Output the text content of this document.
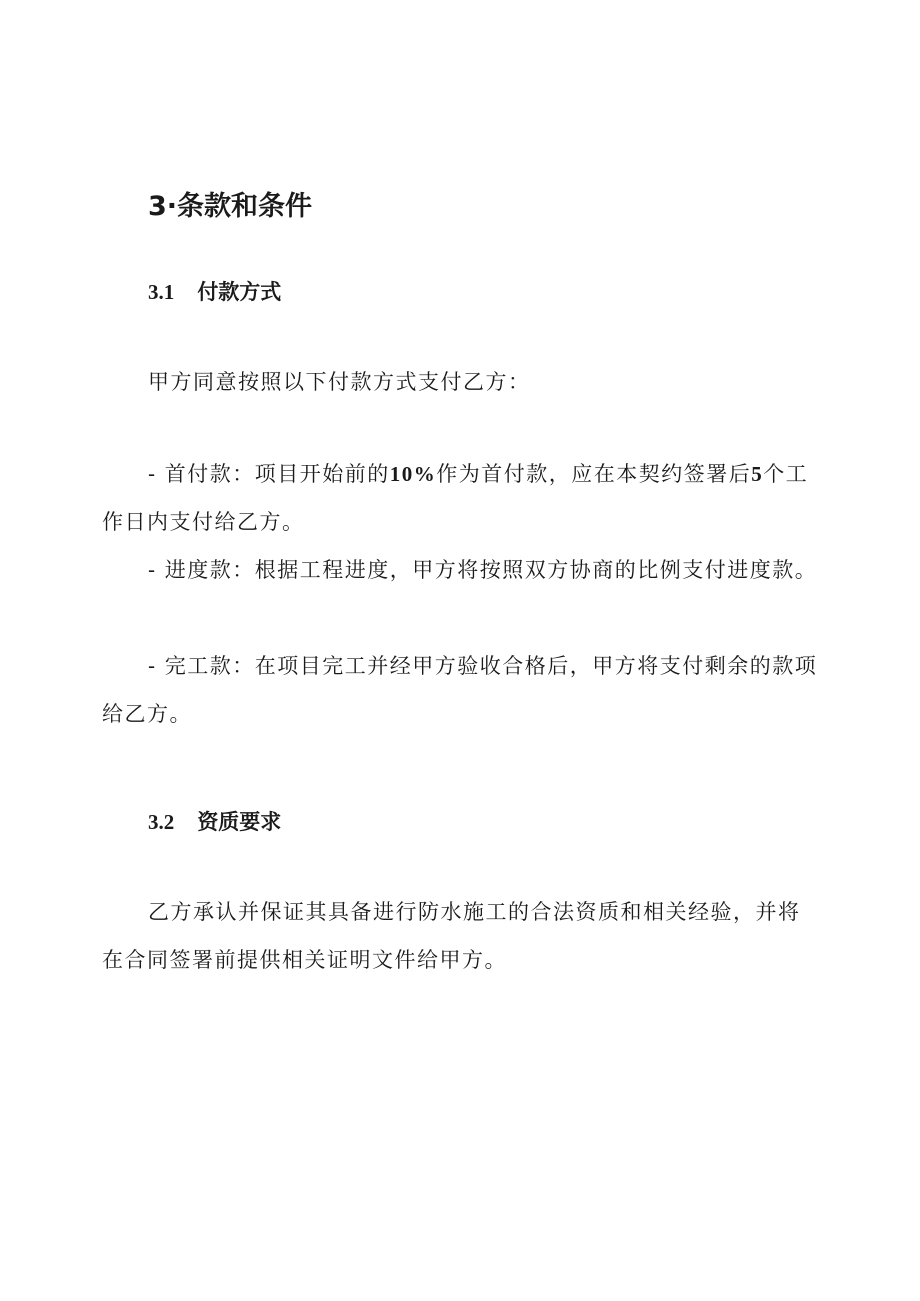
3·条款和条件
3.1 付款方式

甲方同意按照以下付款方式支付乙方：

- 首付款：项目开始前的10%作为首付款，应在本契约签署后5个工作日内支付给乙方。

- 进度款：根据工程进度，甲方将按照双方协商的比例支付进度款。

- 完工款：在项目完工并经甲方验收合格后，甲方将支付剩余的款项给乙方。

3.2 资质要求

乙方承认并保证其具备进行防水施工的合法资质和相关经验，并将在合同签署前提供相关证明文件给甲方。
